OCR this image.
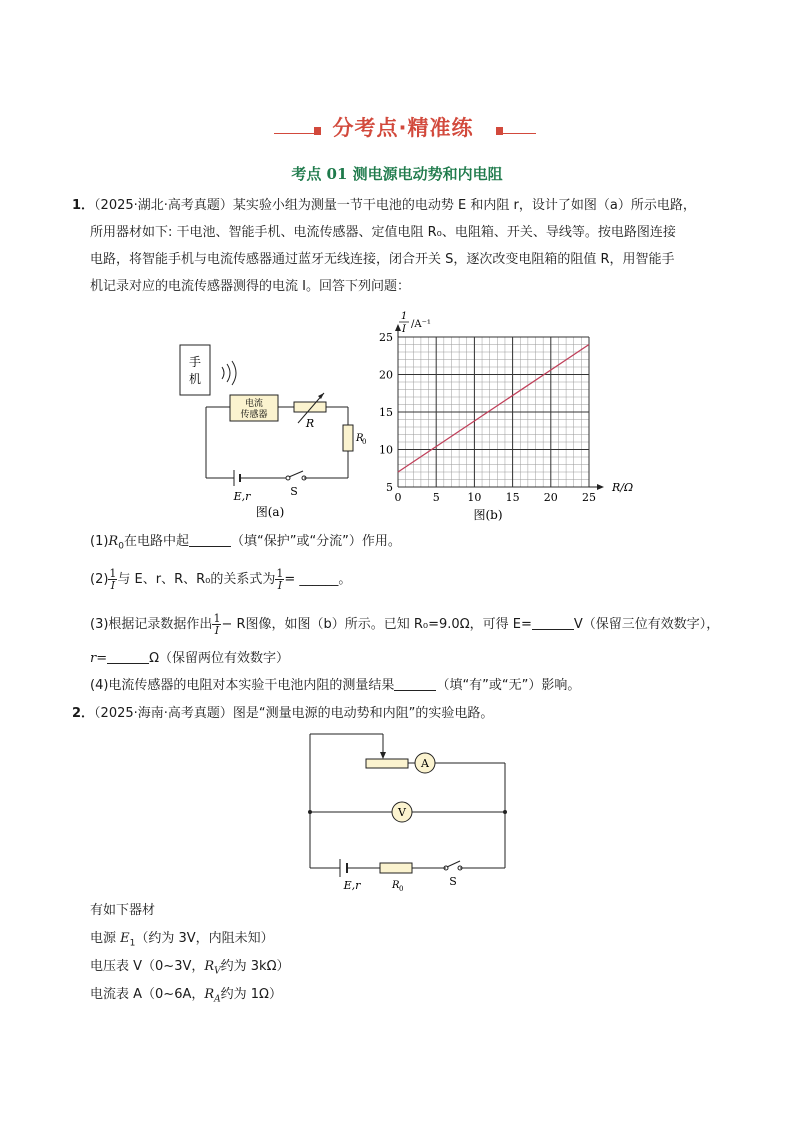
分考点·精准练
考点 01 测电源电动势和内电阻
1．（2025·湖北·高考真题）某实验小组为测量一节干电池的电动势 E 和内阻 r，设计了如图（a）所示电路，
所用器材如下: 干电池、智能手机、电流传感器、定值电阻 R₀、电阻箱、开关、导线等。按电路图连接
电路，将智能手机与电流传感器通过蓝牙无线连接，闭合开关 S，逐次改变电阻箱的阻值 R，用智能手
机记录对应的电流传感器测得的电流 I。回答下列问题：
手
机
电流
传感器
R
R
0
E,r	S
图(a)
1
I /A⁻¹
0	5	10 15 20 25
5
10
15
20
25
R/Ω
图(b)
$(1)R_0$在电路中起	（填“保护”或“分流”）作用。
$(2) \frac{1}{I}$ 与 E、r、R、R₀的关系式为 $\frac{1}{I}$ = ______。
(3)根据记录数据作出 $\frac{1}{I} - R$图像，如图（b）所示。已知 R₀=9.0Ω，可得 E=	V（保留三位有效数字），
r=	Ω（保留两位有效数字）
(4)电流传感器的电阻对本实验干电池内阻的测量结果	（填“有”或“无”）影响。
2．（2025·海南·高考真题）图是“测量电源的电动势和内阻”的实验电路。
A
V
E,r	R 0
S
有如下器材
电源 $E_1$（约为 3V，内阻未知）
电压表 V（0~3V，$R_V$约为 3kΩ）
电流表 A（0~6A，$R_A$约为 1Ω）
